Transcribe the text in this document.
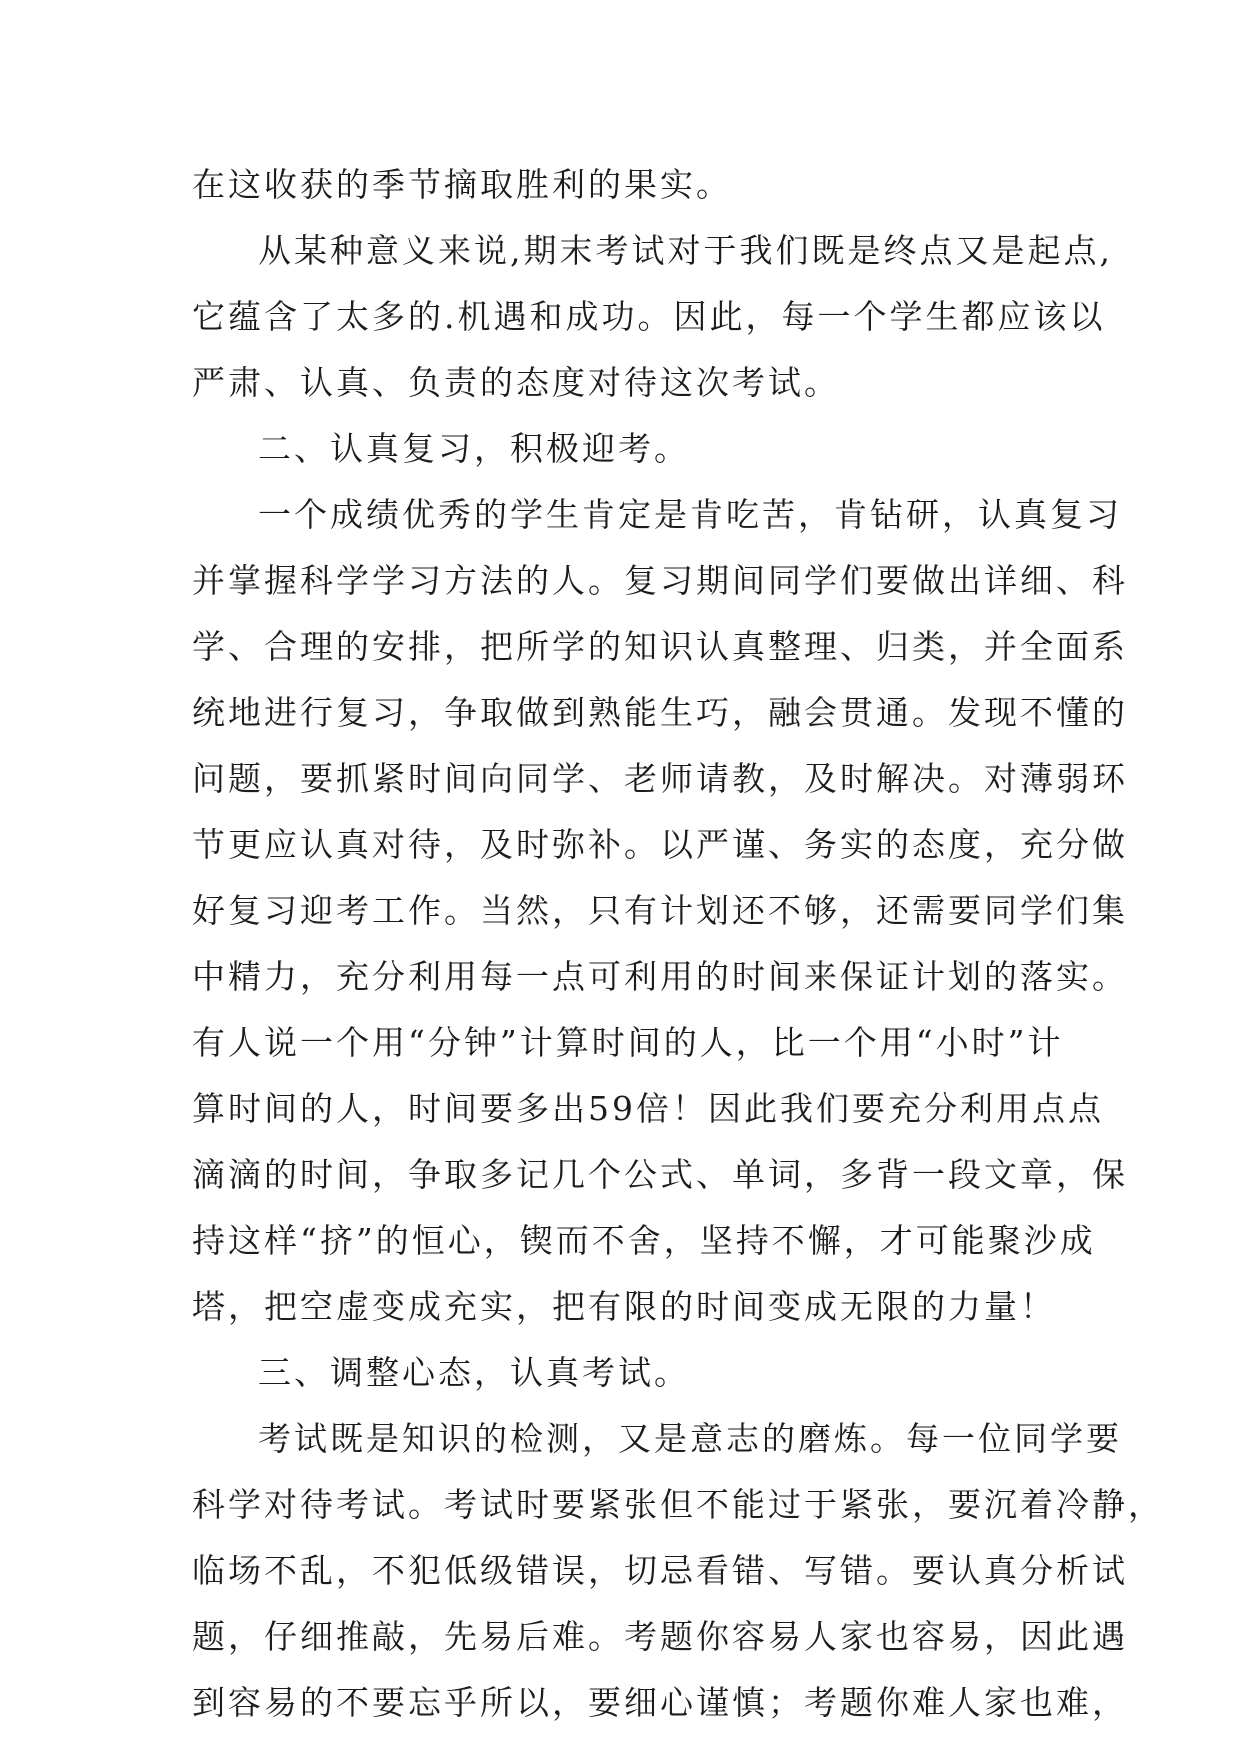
在这收获的季节摘取胜利的果实。
从某种意义来说,期末考试对于我们既是终点又是起点,
它蕴含了太多的.机遇和成功。因此，每一个学生都应该以
严肃、认真、负责的态度对待这次考试。
二、认真复习，积极迎考。
一个成绩优秀的学生肯定是肯吃苦，肯钻研，认真复习
并掌握科学学习方法的人。复习期间同学们要做出详细、科
学、合理的安排，把所学的知识认真整理、归类，并全面系
统地进行复习，争取做到熟能生巧，融会贯通。发现不懂的
问题，要抓紧时间向同学、老师请教，及时解决。对薄弱环
节更应认真对待，及时弥补。以严谨、务实的态度，充分做
好复习迎考工作。当然，只有计划还不够，还需要同学们集
中精力，充分利用每一点可利用的时间来保证计划的落实。
有人说一个用“分钟”计算时间的人，比一个用“小时”计
算时间的人，时间要多出59倍！因此我们要充分利用点点
滴滴的时间，争取多记几个公式、单词，多背一段文章，保
持这样“挤”的恒心，锲而不舍，坚持不懈，才可能聚沙成
塔，把空虚变成充实，把有限的时间变成无限的力量！
三、调整心态，认真考试。
考试既是知识的检测，又是意志的磨炼。每一位同学要
科学对待考试。考试时要紧张但不能过于紧张，要沉着冷静，
临场不乱，不犯低级错误，切忌看错、写错。要认真分析试
题，仔细推敲，先易后难。考题你容易人家也容易，因此遇
到容易的不要忘乎所以，要细心谨慎；考题你难人家也难，
